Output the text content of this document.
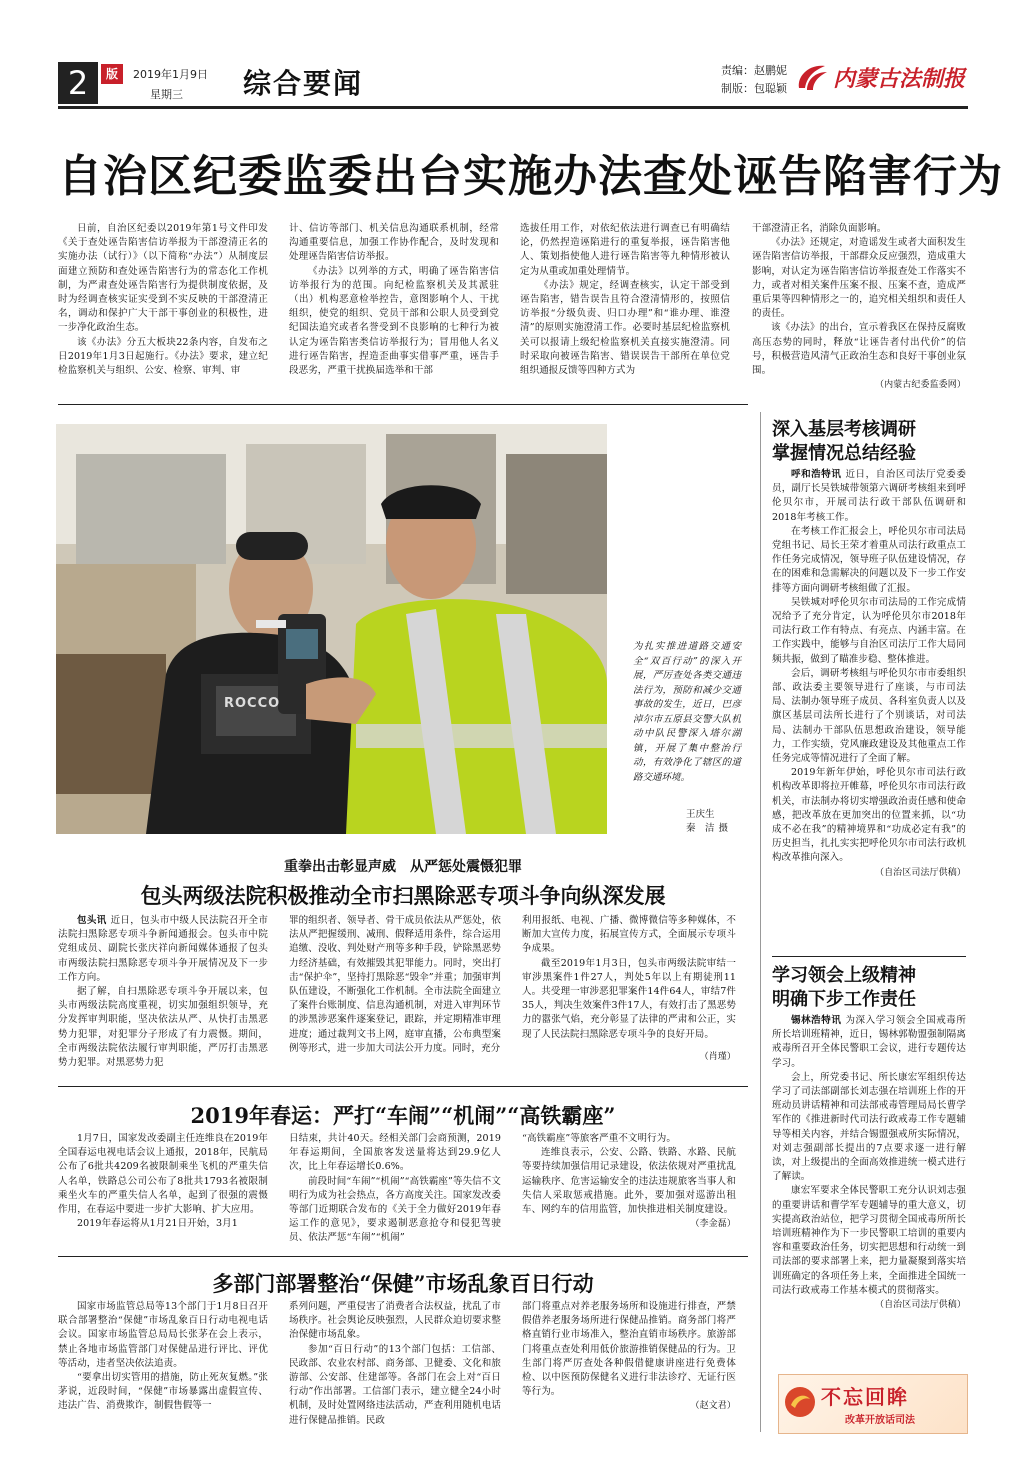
2	版	2019年1月9日
星期三 综合要闻	责编：赵鹏妮
制版：包聪颖 内蒙古法制报
自治区纪委监委出台实施办法查处诬告陷害行为

日前，自治区纪委以2019年第1号文件印发《关于查处诬告陷害信访举报为干部澄清正名的实施办法（试行）》（以下简称“办法”）从制度层面建立预防和查处诬告陷害行为的常态化工作机制，为严肃查处诬告陷害行为提供制度依据，及时为经调查核实证实受到不实反映的干部澄清正名，调动和保护广大干部干事创业的积极性，进一步净化政治生态。

该《办法》分五大板块22条内容，自发布之日2019年1月3日起施行。《办法》要求，建立纪检监察机关与组织、公安、检察、审判、审

计、信访等部门、机关信息沟通联系机制，经常沟通重要信息，加强工作协作配合，及时发现和处理诬告陷害信访举报。

《办法》以列举的方式，明确了诬告陷害信访举报行为的范围。向纪检监察机关及其派驻（出）机构恶意检举控告，意图影响个人、干扰组织，使党的组织、党员干部和公职人员受到党纪国法追究或者名誉受到不良影响的七种行为被认定为诬告陷害类信访举报行为；冒用他人名义进行诬告陷害，捏造歪曲事实借事严重，诬告手段恶劣，严重干扰换届选举和干部

选拔任用工作，对依纪依法进行调查已有明确结论，仍然捏造诬陷进行的重复举报，诬告陷害他人、策划指使他人进行诬告陷害等九种情形被认定为从重或加重处理情节。

《办法》规定，经调查核实，认定干部受到诬告陷害，错告误告且符合澄清情形的，按照信访举报“分级负责、归口办理”和“谁办理、谁澄清”的原则实施澄清工作。必要时基层纪检监察机关可以报请上级纪检监察机关直接实施澄清。同时采取向被诬告陷害、错误误告干部所在单位党组织通报反馈等四种方式为

干部澄清正名，消除负面影响。

《办法》还规定，对造谣发生或者大面积发生诬告陷害信访举报，干部群众反应强烈，造成重大影响，对认定为诬告陷害信访举报查处工作落实不力，或者对相关案件压案不报、压案不查，造成严重后果等四种情形之一的，追究相关组织和责任人的责任。

该《办法》的出台，宣示着我区在保持反腐败高压态势的同时，释放“让诬告者付出代价”的信号，积极营造风清气正政治生态和良好干事创业氛围。

（内蒙古纪委监委网）
ROCCO
为扎实推进道路交通安全“双百行动”的深入开展，严厉查处各类交通违法行为，预防和减少交通事故的发生，近日，巴彦淖尔市五原县交警大队机动中队民警深入塔尔湖镇，开展了集中整治行动，有效净化了辖区的道路交通环境。
王庆生
秦　洁 摄
重拳出击彰显声威　从严惩处震慑犯罪
包头两级法院积极推动全市扫黑除恶专项斗争向纵深发展

包头讯 近日，包头市中级人民法院召开全市法院扫黑除恶专项斗争新闻通报会。包头市中院党组成员、副院长张庆祥向新闻媒体通报了包头市两级法院扫黑除恶专项斗争开展情况及下一步工作方向。

据了解，自扫黑除恶专项斗争开展以来，包头市两级法院高度重视，切实加强组织领导，充分发挥审判职能，坚决依法从严、从快打击黑恶势力犯罪，对犯罪分子形成了有力震慑。期间，全市两级法院依法履行审判职能，严厉打击黑恶势力犯罪。对黑恶势力犯

罪的组织者、领导者、骨干成员依法从严惩处，依法从严把握缓刑、减刑、假释适用条件，综合运用追缴、没收、判处财产刑等多种手段，铲除黑恶势力经济基础，有效摧毁其犯罪能力。同时，突出打击“保护伞”，坚持打黑除恶“毁伞”并重；加强审判队伍建设，不断强化工作机制。全市法院全面建立了案件台账制度、信息沟通机制，对进入审判环节的涉黑涉恶案件逐案登记，跟踪，并定期精准审理进度；通过裁判文书上网，庭审直播，公布典型案例等形式，进一步加大司法公开力度。同时，充分

利用报纸、电视、广播、微博微信等多种媒体，不断加大宣传力度，拓展宣传方式，全面展示专项斗争成果。

截至2019年1月3日，包头市两级法院审结一审涉黑案件1件27人，判处5年以上有期徒刑11人。共受理一审涉恶犯罪案件14件64人，审结7件35人，判决生效案件3件17人，有效打击了黑恶势力的嚣张气焰，充分彰显了法律的严肃和公正，实现了人民法院扫黑除恶专项斗争的良好开局。

（肖瑾）
2019年春运：严打“车闹”“机闹”“高铁霸座”

1月7日，国家发改委副主任连维良在2019年全国春运电视电话会议上通报，2018年，民航局公布了6批共4209名被限制乘坐飞机的严重失信人名单，铁路总公司公布了8批共1793名被限制乘坐火车的严重失信人名单，起到了很强的震慑作用，在春运中要进一步扩大影响、扩大应用。

2019年春运将从1月21日开始，3月1

日结束，共计40天。经相关部门会商预测，2019年春运期间，全国旅客发送量将达到29.9亿人次，比上年春运增长0.6%。

前段时间“车闹”“机闹”“高铁霸座”等失信不文明行为成为社会热点，各方高度关注。国家发改委等部门近期联合发布的《关于全力做好2019年春运工作的意见》，要求遏制恶意抢夺和侵犯驾驶员、依法严惩“车闹”“机闹”

“高铁霸座”等旅客严重不文明行为。

连维良表示，公安、公路、铁路、水路、民航等要持续加强信用记录建设，依法依规对严重扰乱运输秩序、危害运输安全的违法违规旅客当事人和失信人采取惩戒措施。此外，要加强对巡游出租车、网约车的信用监管，加快推进相关制度建设。

（李金磊）
多部门部署整治“保健”市场乱象百日行动

国家市场监管总局等13个部门于1月8日召开联合部署整治“保健”市场乱象百日行动电视电话会议。国家市场监管总局局长张茅在会上表示，禁止各地市场监管部门对保健品进行评比、评优等活动，违者坚决依法追责。

“要拿出切实管用的措施，防止死灰复燃。”张茅说，近段时间，“保健”市场暴露出虚假宣传、违法广告、消费欺诈，制假售假等一

系列问题，严重侵害了消费者合法权益，扰乱了市场秩序。社会舆论反映强烈，人民群众迫切要求整治保健市场乱象。

参加“百日行动”的13个部门包括：工信部、民政部、农业农村部、商务部、卫健委、文化和旅游部、公安部、住建部等。各部门在会上对“百日行动”作出部署。工信部门表示，建立健全24小时机制，及时处置网络违法活动，严查利用随机电话进行保健品推销。民政

部门将重点对养老服务场所和设施进行排查，严禁假借养老服务场所进行保健品推销。商务部门将严格直销行业市场准入，整治直销市场秩序。旅游部门将重点查处利用低价旅游推销保健品的行为。卫生部门将严厉查处各种假借健康讲座进行免费体检、以中医预防保健名义进行非法诊疗、无证行医等行为。

（赵文君）
深入基层考核调研
掌握情况总结经验

呼和浩特讯 近日，自治区司法厅党委委员，副厅长吴铁城带领第六调研考核组来到呼伦贝尔市，开展司法行政干部队伍调研和2018年考核工作。

在考核工作汇报会上，呼伦贝尔市司法局党组书记、局长王荣才着重从司法行政重点工作任务完成情况，领导班子队伍建设情况，存在的困难和急需解决的问题以及下一步工作安排等方面向调研考核组做了汇报。

吴铁城对呼伦贝尔市司法局的工作完成情况给予了充分肯定，认为呼伦贝尔市2018年司法行政工作有特点、有亮点、内涵丰富。在工作实践中，能够与自治区司法厅工作大局同频共振，做到了瞄准步稳、整体推进。

会后，调研考核组与呼伦贝尔市市委组织部、政法委主要领导进行了座谈，与市司法局、法制办领导班子成员、各科室负责人以及旗区基层司法所长进行了个别谈话，对司法局、法制办干部队伍思想政治建设，领导能力，工作实绩，党风廉政建设及其他重点工作任务完成等情况进行了全面了解。

2019年新年伊始，呼伦贝尔市司法行政机构改革即将拉开帷幕，呼伦贝尔市司法行政机关，市法制办将切实增强政治责任感和使命感，把改革放在更加突出的位置来抓，以“功成不必在我”的精神境界和“功成必定有我”的历史担当，扎扎实实把呼伦贝尔市司法行政机构改革推向深入。

（自治区司法厅供稿）
学习领会上级精神
明确下步工作责任

锡林浩特讯 为深入学习领会全国戒毒所所长培训班精神，近日，锡林郭勒盟强制隔离戒毒所召开全体民警职工会议，进行专题传达学习。

会上，所党委书记、所长康宏军组织传达学习了司法部副部长刘志强在培训班上作的开班动员讲话精神和司法部戒毒管理局局长曹学军作的《推进新时代司法行政戒毒工作专题辅导等相关内容，并结合锡盟强戒所实际情况，对刘志强副部长提出的7点要求逐一进行解读，对上级提出的全面高效推进统一模式进行了解读。

康宏军要求全体民警职工充分认识刘志强的重要讲话和曹学军专题辅导的重大意义，切实提高政治站位，把学习贯彻全国戒毒所所长培训班精神作为下一步民警职工培训的重要内容和重要政治任务，切实把思想和行动统一到司法部的要求部署上来，把力量凝聚到落实培训班确定的各项任务上来，全面推进全国统一司法行政戒毒工作基本模式的贯彻落实。

（自治区司法厅供稿）
不忘回眸
改革开放话司法
